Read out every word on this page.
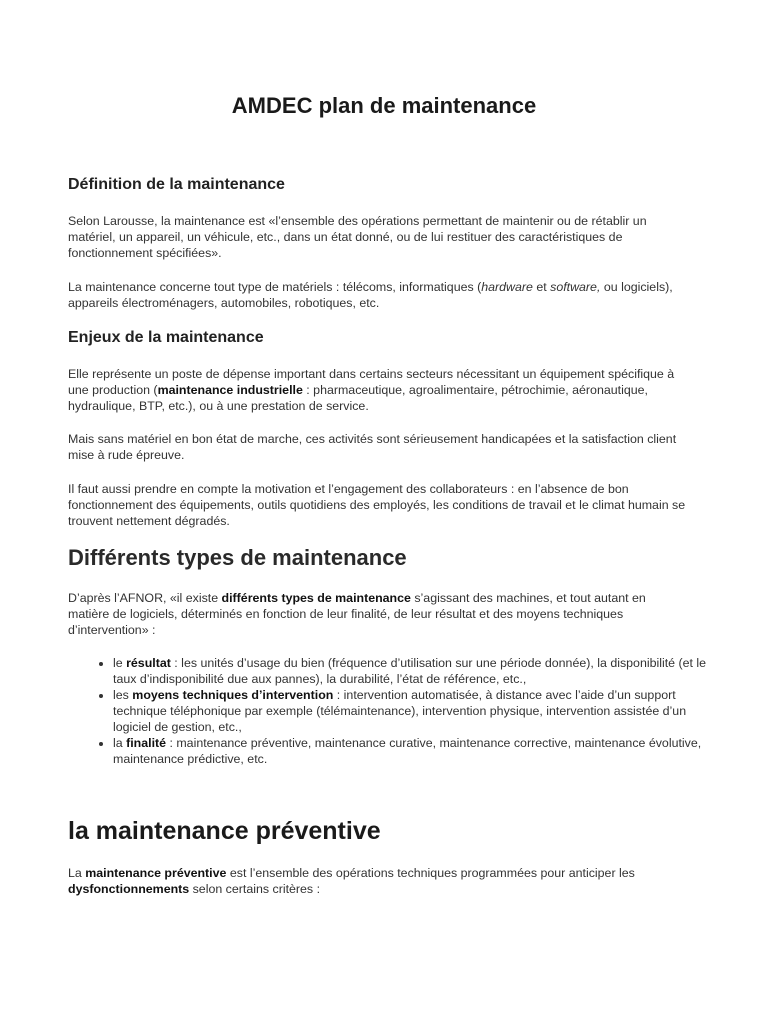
AMDEC plan de maintenance
Définition de la maintenance

Selon Larousse, la maintenance est «l’ensemble des opérations permettant de maintenir ou de rétablir un matériel, un appareil, un véhicule, etc., dans un état donné, ou de lui restituer des caractéristiques de fonctionnement spécifiées».

La maintenance concerne tout type de matériels : télécoms, informatiques (hardware et software, ou logiciels), appareils électroménagers, automobiles, robotiques, etc.

Enjeux de la maintenance

Elle représente un poste de dépense important dans certains secteurs nécessitant un équipement spécifique à une production (maintenance industrielle : pharmaceutique, agroalimentaire, pétrochimie, aéronautique, hydraulique, BTP, etc.), ou à une prestation de service.

Mais sans matériel en bon état de marche, ces activités sont sérieusement handicapées et la satisfaction client mise à rude épreuve.

Il faut aussi prendre en compte la motivation et l’engagement des collaborateurs : en l’absence de bon fonctionnement des équipements, outils quotidiens des employés, les conditions de travail et le climat humain se trouvent nettement dégradés.

Différents types de maintenance

D’après l’AFNOR, «il existe différents types de maintenance s’agissant des machines, et tout autant en matière de logiciels, déterminés en fonction de leur finalité, de leur résultat et des moyens techniques d’intervention» :

• le résultat : les unités d’usage du bien (fréquence d’utilisation sur une période donnée), la disponibilité (et le taux d’indisponibilité due aux pannes), la durabilité, l’état de référence, etc.,
• les moyens techniques d’intervention : intervention automatisée, à distance avec l’aide d’un support technique téléphonique par exemple (télémaintenance), intervention physique, intervention assistée d’un logiciel de gestion, etc.,
• la finalité : maintenance préventive, maintenance curative, maintenance corrective, maintenance évolutive, maintenance prédictive, etc.
la maintenance préventive

La maintenance préventive est l’ensemble des opérations techniques programmées pour anticiper les dysfonctionnements selon certains critères :
